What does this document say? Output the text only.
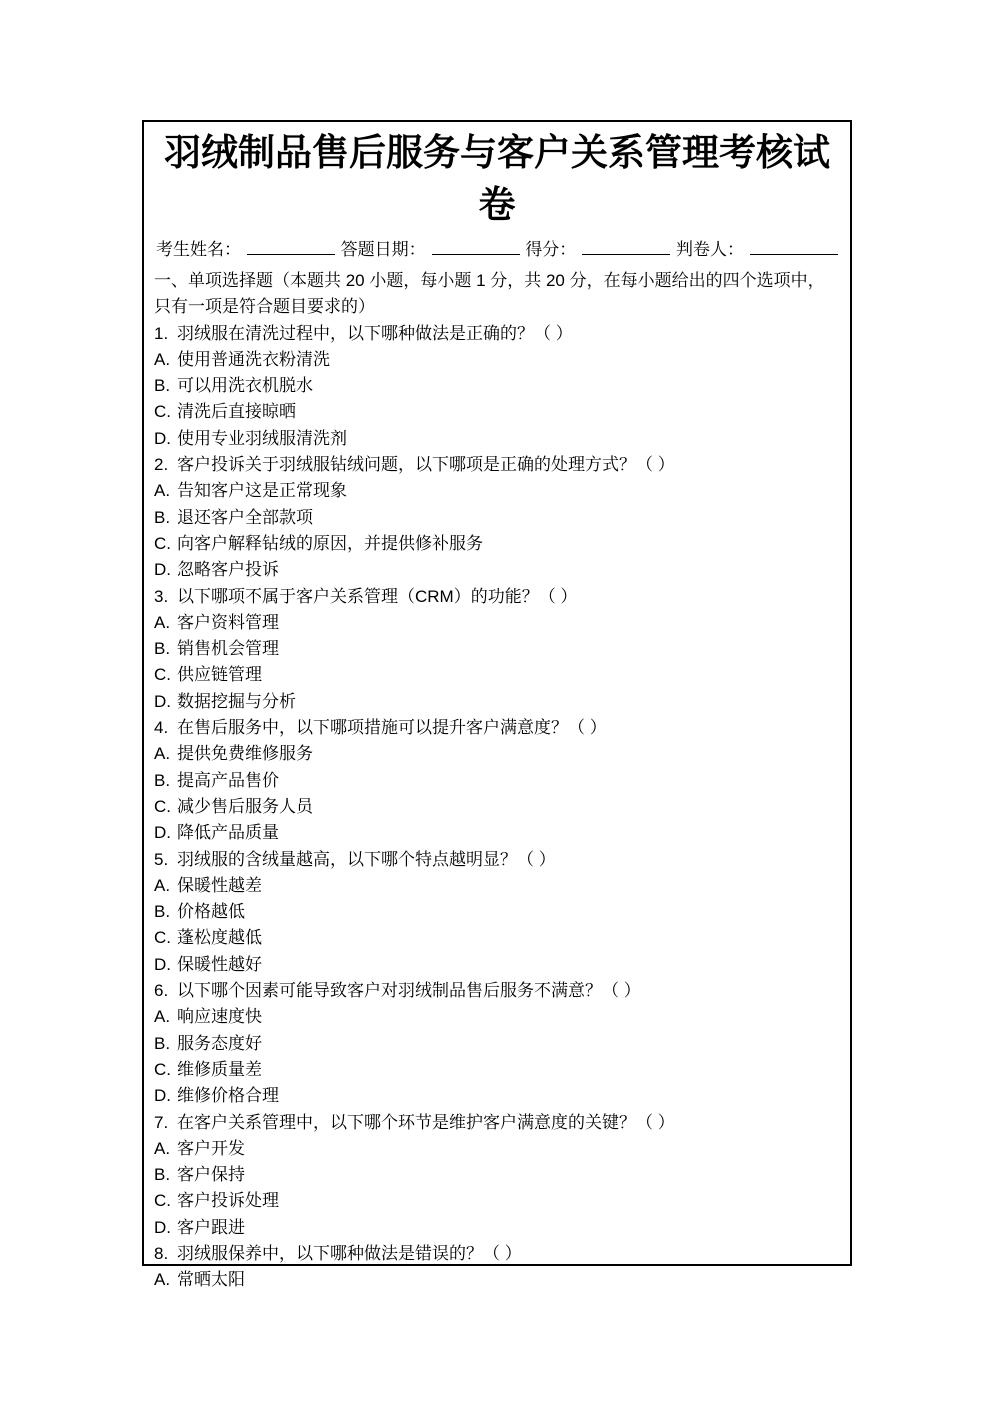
羽绒制品售后服务与客户关系管理考核试卷
考生姓名：	答题日期：	得分：	判卷人：

一、单项选择题（本题共 20 小题，每小题 1 分，共 20 分，在每小题给出的四个选项中，只有一项是符合题目要求的）

1. 羽绒服在清洗过程中，以下哪种做法是正确的？（ ）
A. 使用普通洗衣粉清洗
B. 可以用洗衣机脱水
C. 清洗后直接晾晒
D. 使用专业羽绒服清洗剂
2. 客户投诉关于羽绒服钻绒问题，以下哪项是正确的处理方式？（ ）
A. 告知客户这是正常现象
B. 退还客户全部款项
C. 向客户解释钻绒的原因，并提供修补服务
D. 忽略客户投诉
3. 以下哪项不属于客户关系管理（CRM）的功能？（ ）
A. 客户资料管理
B. 销售机会管理
C. 供应链管理
D. 数据挖掘与分析
4. 在售后服务中，以下哪项措施可以提升客户满意度？（ ）
A. 提供免费维修服务
B. 提高产品售价
C. 减少售后服务人员
D. 降低产品质量
5. 羽绒服的含绒量越高，以下哪个特点越明显？（ ）
A. 保暖性越差
B. 价格越低
C. 蓬松度越低
D. 保暖性越好
6. 以下哪个因素可能导致客户对羽绒制品售后服务不满意？（ ）
A. 响应速度快
B. 服务态度好
C. 维修质量差
D. 维修价格合理
7. 在客户关系管理中，以下哪个环节是维护客户满意度的关键？（ ）
A. 客户开发
B. 客户保持
C. 客户投诉处理
D. 客户跟进
8. 羽绒服保养中，以下哪种做法是错误的？（ ）
A. 常晒太阳
